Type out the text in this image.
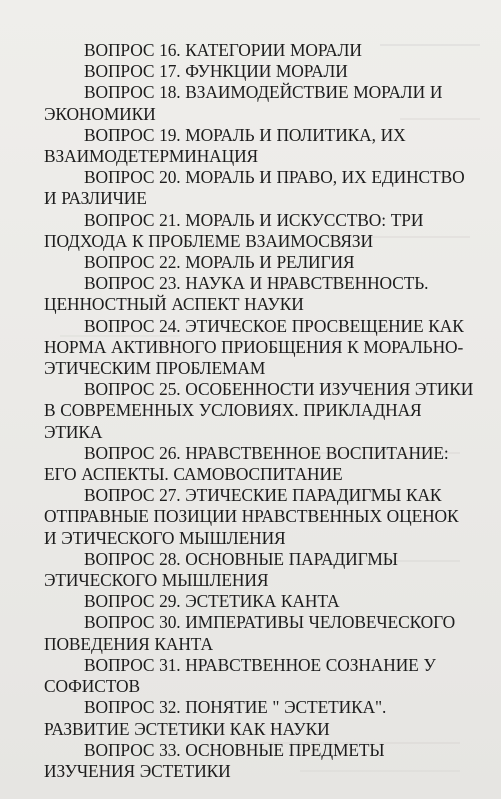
ВОПРОС 16. КАТЕГОРИИ МОРАЛИ

ВОПРОС 17. ФУНКЦИИ МОРАЛИ

ВОПРОС 18. ВЗАИМОДЕЙСТВИЕ МОРАЛИ И ЭКОНОМИКИ

ВОПРОС 19. МОРАЛЬ И ПОЛИТИКА, ИХ ВЗАИМОДЕТЕРМИНАЦИЯ

ВОПРОС 20. МОРАЛЬ И ПРАВО, ИХ ЕДИНСТВО И РАЗЛИЧИЕ

ВОПРОС 21. МОРАЛЬ И ИСКУССТВО: ТРИ ПОДХОДА К ПРОБЛЕМЕ ВЗАИМОСВЯЗИ

ВОПРОС 22. МОРАЛЬ И РЕЛИГИЯ

ВОПРОС 23. НАУКА И НРАВСТВЕННОСТЬ. ЦЕННОСТНЫЙ АСПЕКТ НАУКИ

ВОПРОС 24. ЭТИЧЕСКОЕ ПРОСВЕЩЕНИЕ КАК НОРМА АКТИВНОГО ПРИОБЩЕНИЯ К МОРАЛЬНО-ЭТИЧЕСКИМ ПРОБЛЕМАМ

ВОПРОС 25. ОСОБЕННОСТИ ИЗУЧЕНИЯ ЭТИКИ В СОВРЕМЕННЫХ УСЛОВИЯХ. ПРИКЛАДНАЯ ЭТИКА

ВОПРОС 26. НРАВСТВЕННОЕ ВОСПИТАНИЕ: ЕГО АСПЕКТЫ. САМОВОСПИТАНИЕ

ВОПРОС 27. ЭТИЧЕСКИЕ ПАРАДИГМЫ КАК ОТПРАВНЫЕ ПОЗИЦИИ НРАВСТВЕННЫХ ОЦЕНОК И ЭТИЧЕСКОГО МЫШЛЕНИЯ

ВОПРОС 28. ОСНОВНЫЕ ПАРАДИГМЫ ЭТИЧЕСКОГО МЫШЛЕНИЯ

ВОПРОС 29. ЭСТЕТИКА КАНТА

ВОПРОС 30. ИМПЕРАТИВЫ ЧЕЛОВЕЧЕСКОГО ПОВЕДЕНИЯ КАНТА

ВОПРОС 31. НРАВСТВЕННОЕ СОЗНАНИЕ У СОФИСТОВ

ВОПРОС 32. ПОНЯТИЕ " ЭСТЕТИКА". РАЗВИТИЕ ЭСТЕТИКИ КАК НАУКИ

ВОПРОС 33. ОСНОВНЫЕ ПРЕДМЕТЫ ИЗУЧЕНИЯ ЭСТЕТИКИ
